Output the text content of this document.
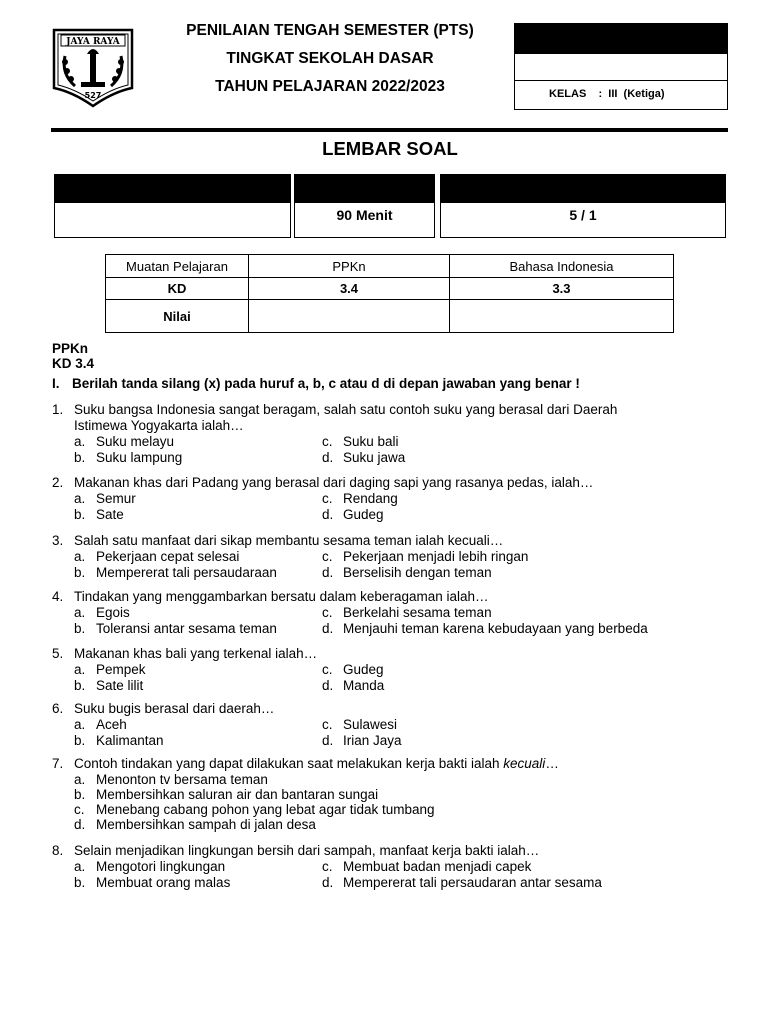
JAYA RAYA
527
PENILAIAN TENGAH SEMESTER (PTS)
TINGKAT SEKOLAH DASAR
TAHUN PELAJARAN 2022/2023	KELAS    :  III  (Ketiga)
LEMBAR SOAL
90 Menit	5 / 1
Muatan Pelajaran	PPKn	Bahasa Indonesia
KD	3.4	3.3
Nilai		
PPKn
KD 3.4
I. Berilah tanda silang (x) pada huruf a, b, c atau d di depan jawaban yang benar !
1. Suku bangsa Indonesia sangat beragam, salah satu contoh suku yang berasal dari Daerah
Istimewa Yogyakarta ialah…
a. Suku melayu
b. Suku lampung
c. Suku bali
d. Suku jawa
2. Makanan khas dari Padang yang berasal dari daging sapi yang rasanya pedas, ialah…
a. Semur
b. Sate
c. Rendang
d. Gudeg
3. Salah satu manfaat dari sikap membantu sesama teman ialah kecuali…
a. Pekerjaan cepat selesai
b. Mempererat tali persaudaraan
c. Pekerjaan menjadi lebih ringan
d. Berselisih dengan teman
4. Tindakan yang menggambarkan bersatu dalam keberagaman ialah…
a. Egois
b. Toleransi antar sesama teman
c. Berkelahi sesama teman
d. Menjauhi teman karena kebudayaan yang berbeda
5. Makanan khas bali yang terkenal ialah…
a. Pempek
b. Sate lilit
c. Gudeg
d. Manda
6. Suku bugis berasal dari daerah…
a. Aceh
b. Kalimantan
c. Sulawesi
d. Irian Jaya
7. Contoh tindakan yang dapat dilakukan saat melakukan kerja bakti ialah kecuali…
a. Menonton tv bersama teman
b. Membersihkan saluran air dan bantaran sungai
c. Menebang cabang pohon yang lebat agar tidak tumbang
d. Membersihkan sampah di jalan desa
8. Selain menjadikan lingkungan bersih dari sampah, manfaat kerja bakti ialah…
a. Mengotori lingkungan
b. Membuat orang malas
c. Membuat badan menjadi capek
d. Mempererat tali persaudaran antar sesama
